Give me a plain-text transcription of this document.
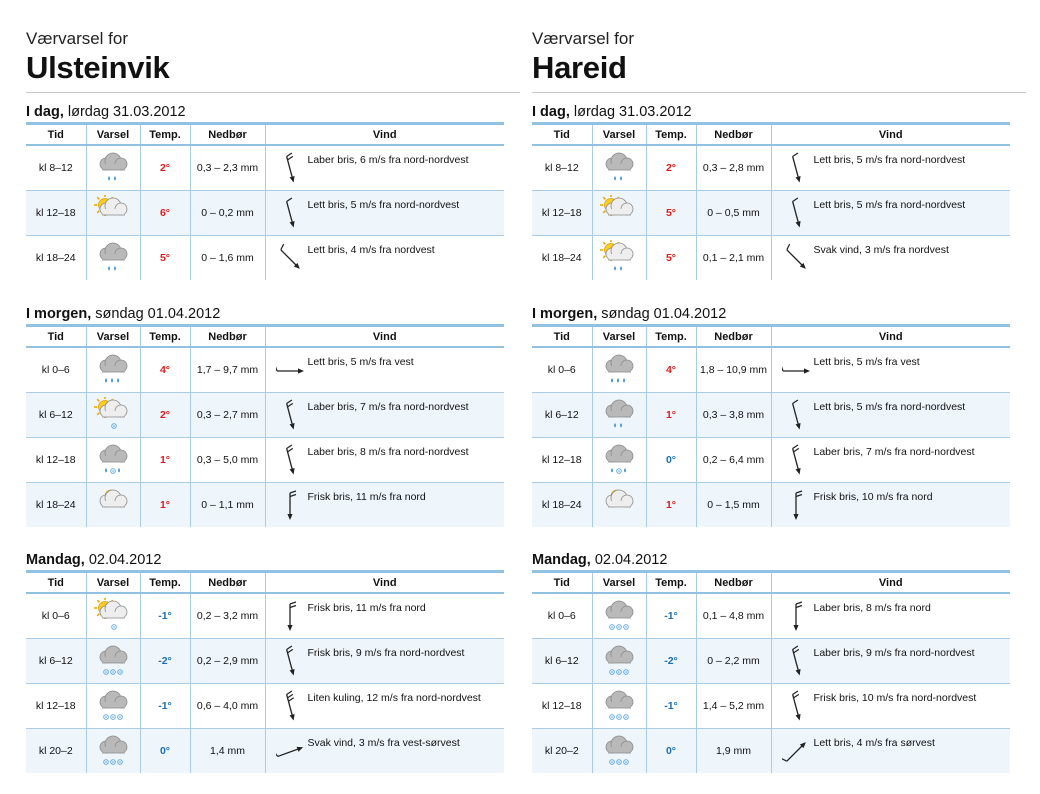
Værvarsel for
Ulsteinvik
I dag, lørdag 31.03.2012
Tid	Varsel	Temp.	Nedbør	Vind
kl 8–12		2°	0,3 – 2,3 mm	Laber bris, 6 m/s fra nord-nordvest

kl 12–18		6°	0 – 0,2 mm	Lett bris, 5 m/s fra nord-nordvest

kl 18–24		5°	0 – 1,6 mm	Lett bris, 4 m/s fra nordvest
I morgen, søndag 01.04.2012
Tid	Varsel	Temp.	Nedbør	Vind
kl 0–6		4°	1,7 – 9,7 mm	Lett bris, 5 m/s fra vest

kl 6–12		2°	0,3 – 2,7 mm	Laber bris, 7 m/s fra nord-nordvest

kl 12–18		1°	0,3 – 5,0 mm	Laber bris, 8 m/s fra nord-nordvest

kl 18–24		1°	0 – 1,1 mm	Frisk bris, 11 m/s fra nord
Mandag, 02.04.2012
Tid	Varsel	Temp.	Nedbør	Vind
kl 0–6		-1°	0,2 – 3,2 mm	Frisk bris, 11 m/s fra nord

kl 6–12		-2°	0,2 – 2,9 mm	Frisk bris, 9 m/s fra nord-nordvest

kl 12–18		-1°	0,6 – 4,0 mm	Liten kuling, 12 m/s fra nord-nordvest

kl 20–2		0°	1,4 mm	Svak vind, 3 m/s fra vest-sørvest
Værvarsel for
Hareid
I dag, lørdag 31.03.2012
Tid	Varsel	Temp.	Nedbør	Vind
kl 8–12		2°	0,3 – 2,8 mm	Lett bris, 5 m/s fra nord-nordvest

kl 12–18		5°	0 – 0,5 mm	Lett bris, 5 m/s fra nord-nordvest

kl 18–24		5°	0,1 – 2,1 mm	Svak vind, 3 m/s fra nordvest
I morgen, søndag 01.04.2012
Tid	Varsel	Temp.	Nedbør	Vind
kl 0–6		4°	1,8 – 10,9 mm	Lett bris, 5 m/s fra vest

kl 6–12		1°	0,3 – 3,8 mm	Lett bris, 5 m/s fra nord-nordvest

kl 12–18		0°	0,2 – 6,4 mm	Laber bris, 7 m/s fra nord-nordvest

kl 18–24		1°	0 – 1,5 mm	Frisk bris, 10 m/s fra nord
Mandag, 02.04.2012
Tid	Varsel	Temp.	Nedbør	Vind
kl 0–6		-1°	0,1 – 4,8 mm	Laber bris, 8 m/s fra nord

kl 6–12		-2°	0 – 2,2 mm	Laber bris, 9 m/s fra nord-nordvest

kl 12–18		-1°	1,4 – 5,2 mm	Frisk bris, 10 m/s fra nord-nordvest

kl 20–2		0°	1,9 mm	Lett bris, 4 m/s fra sørvest
